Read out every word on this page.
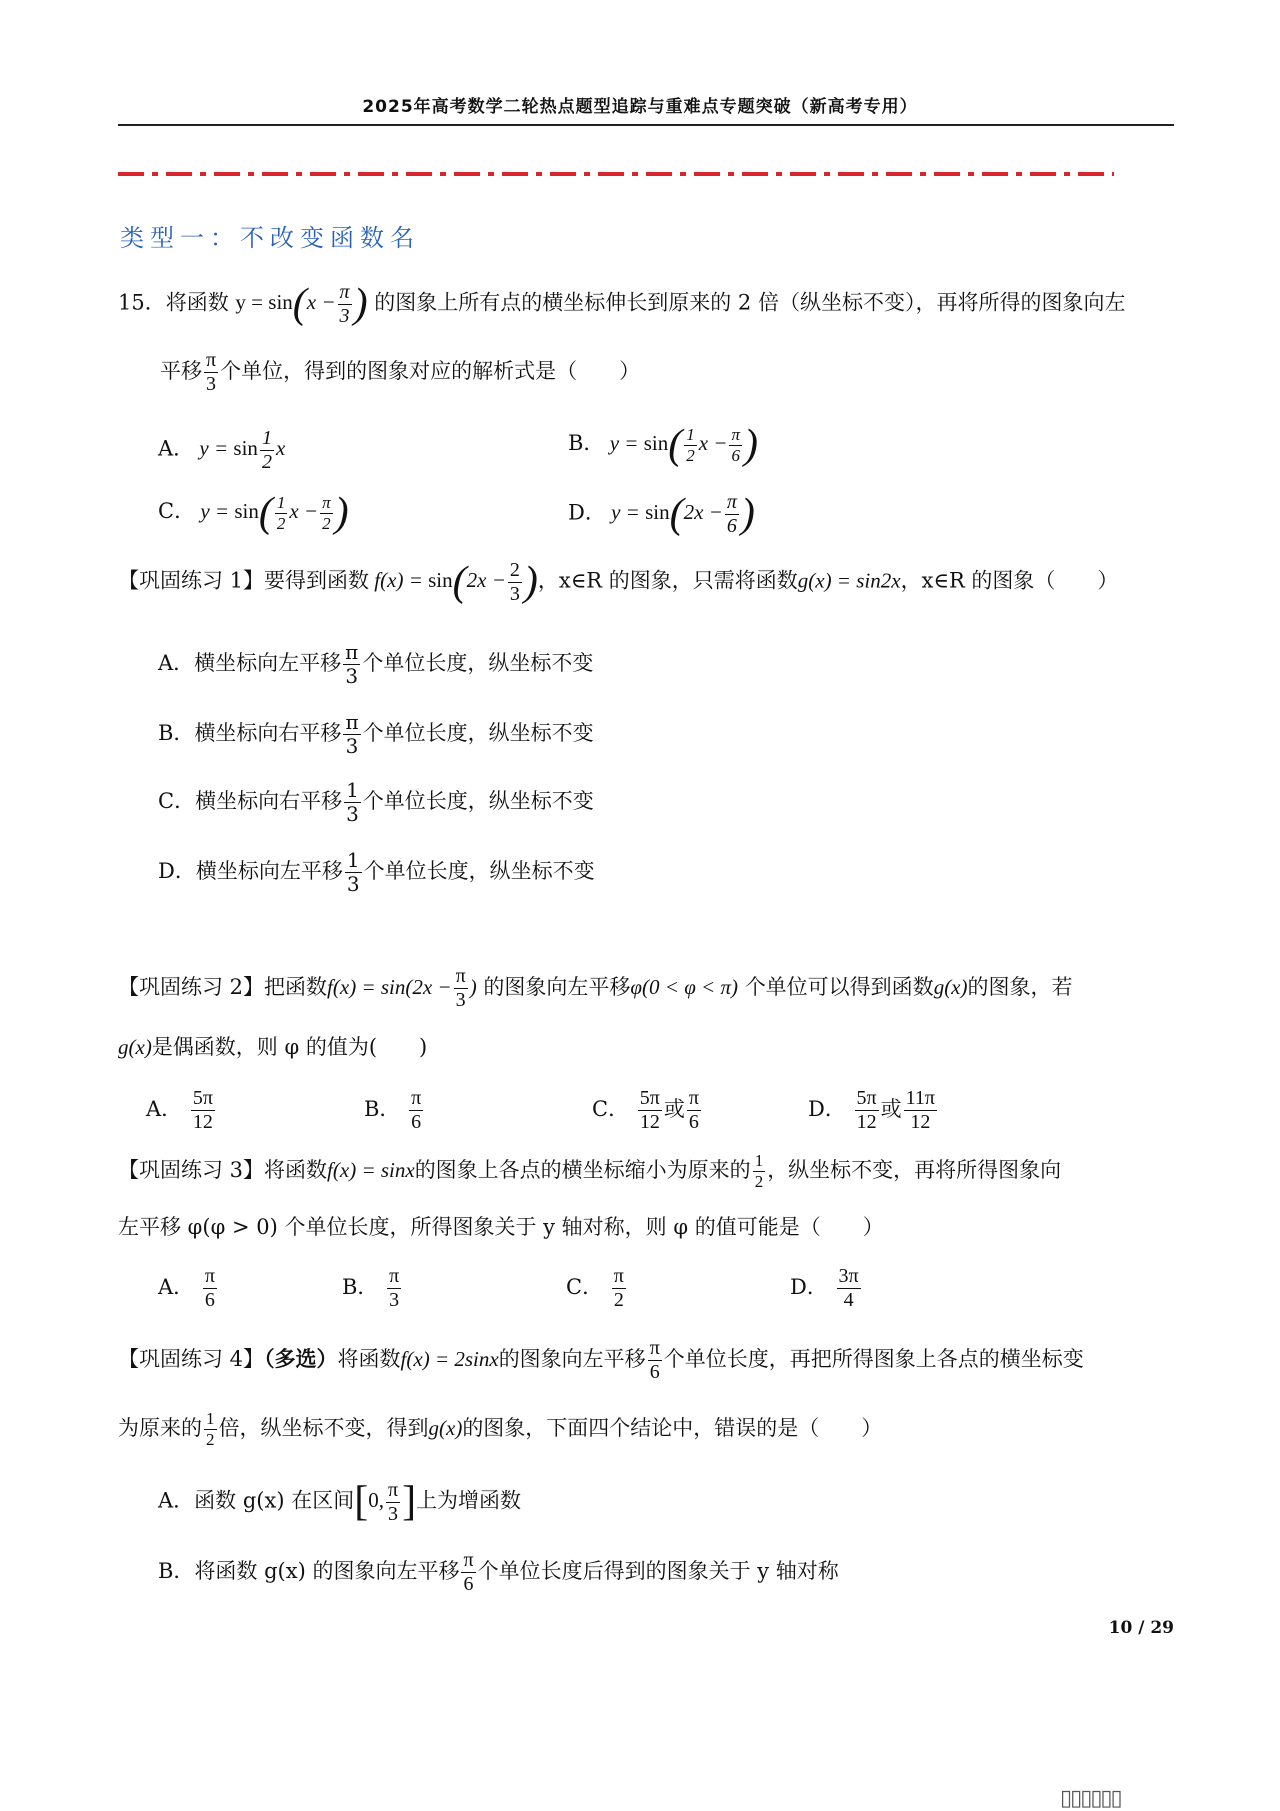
2025年高考数学二轮热点题型追踪与重难点专题突破（新高考专用）
类型一：不改变函数名
15．将函数 $y = \sin(x - \frac{\pi}{3}$ ) 的图象上所有点的横坐标伸长到原来的 2 倍（纵坐标不变），再将所得的图象向左
平移 $\frac{\pi}{3}$ 个单位，得到的图象对应的解析式是（　　）
A． $y = \sin \frac{1}{2}$ x	B． $y = \sin( \frac{1}{2}$ $x - \frac{\pi}{6}$ )
C． $y = \sin( \frac{1}{2}$ $x - \frac{\pi}{2}$ )	D． $y = \sin(2x - \frac{\pi}{6}$ )
【巩固练习 1】要得到函数 $f(x) = \sin(2x - \frac{2}{3}$ )，x∈R 的图象，只需将函数g(x) = sin2x，x∈R 的图象（　　）
A．横坐标向左平移 $\frac{\pi}{3}$ 个单位长度，纵坐标不变
B．横坐标向右平移 $\frac{\pi}{3}$ 个单位长度，纵坐标不变
C．横坐标向右平移 $\frac{1}{3}$ 个单位长度，纵坐标不变
D．横坐标向左平移 $\frac{1}{3}$ 个单位长度，纵坐标不变
【巩固练习 2】把函数$f(x) = \sin(2x - \frac{\pi}{3}$ ) 的图象向左平移φ(0 < φ < π) 个单位可以得到函数g(x)的图象，若
g(x)是偶函数，则 φ 的值为(　　)
A． $\frac{5\pi}{12}$	B． $\frac{\pi}{6}$	C． $\frac{5\pi}{12}$ 或 $\frac{\pi}{6}$	D． $\frac{5\pi}{12}$ 或 $\frac{11\pi}{12}$
【巩固练习 3】将函数f(x) = sinx的图象上各点的横坐标缩小为原来的 $\frac{1}{2}$ ，纵坐标不变，再将所得图象向
左平移 φ(φ > 0) 个单位长度，所得图象关于 y 轴对称，则 φ 的值可能是（　　）
A． $\frac{\pi}{6}$	B． $\frac{\pi}{3}$	C． $\frac{\pi}{2}$	D． $\frac{3\pi}{4}$
【巩固练习 4】（多选）将函数f(x) = 2sinx的图象向左平移 $\frac{\pi}{6}$ 个单位长度，再把所得图象上各点的横坐标变
为原来的 $\frac{1}{2}$ 倍，纵坐标不变，得到g(x)的图象，下面四个结论中，错误的是（　　）
A．函数 g(x) 在区间[0, $\frac{\pi}{3}$ ]上为增函数
B．将函数 g(x) 的图象向左平移 $\frac{\pi}{6}$ 个单位长度后得到的图象关于 y 轴对称
10 / 29
▯▯▯▯▯▯
